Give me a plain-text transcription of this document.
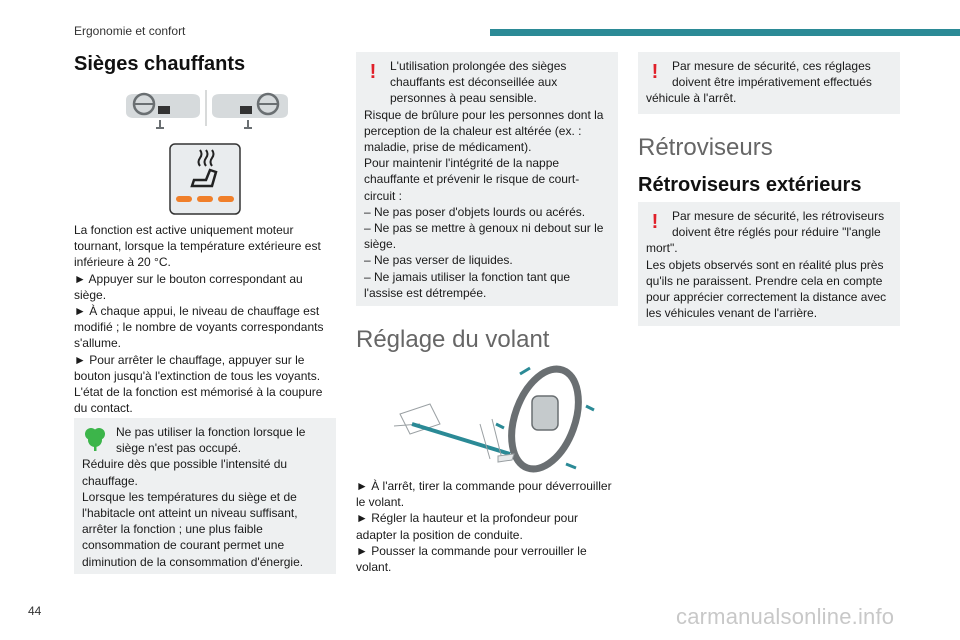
Ergonomie et confort
Sièges chauffants

La fonction est active uniquement moteur tournant, lorsque la température extérieure est inférieure à 20 °C.

► Appuyer sur le bouton correspondant au siège.

► À chaque appui, le niveau de chauffage est modifié ; le nombre de voyants correspondants s'allume.

► Pour arrêter le chauffage, appuyer sur le bouton jusqu'à l'extinction de tous les voyants.

L'état de la fonction est mémorisé à la coupure du contact.

Ne pas utiliser la fonction lorsque le siège n'est pas occupé.

Réduire dès que possible l'intensité du chauffage.

Lorsque les températures du siège et de l'habitacle ont atteint un niveau suffisant, arrêter la fonction ; une plus faible consommation de courant permet une diminution de la consommation d'énergie.

!	L'utilisation prolongée des sièges chauffants est déconseillée aux personnes à peau sensible.

Risque de brûlure pour les personnes dont la perception de la chaleur est altérée (ex. : maladie, prise de médicament).

Pour maintenir l'intégrité de la nappe chauffante et prévenir le risque de court-circuit :

– Ne pas poser d'objets lourds ou acérés.

– Ne pas se mettre à genoux ni debout sur le siège.

– Ne pas verser de liquides.

– Ne jamais utiliser la fonction tant que l'assise est détrempée.

Réglage du volant

► À l'arrêt, tirer la commande pour déverrouiller le volant.

► Régler la hauteur et la profondeur pour adapter la position de conduite.

► Pousser la commande pour verrouiller le volant.

!	Par mesure de sécurité, ces réglages doivent être impérativement effectués

véhicule à l'arrêt.

Rétroviseurs
Rétroviseurs extérieurs
!	Par mesure de sécurité, les rétroviseurs doivent être réglés pour réduire "l'angle

mort".

Les objets observés sont en réalité plus près qu'ils ne paraissent. Prendre cela en compte pour apprécier correctement la distance avec les véhicules venant de l'arrière.

44	carmanualsonline.info
